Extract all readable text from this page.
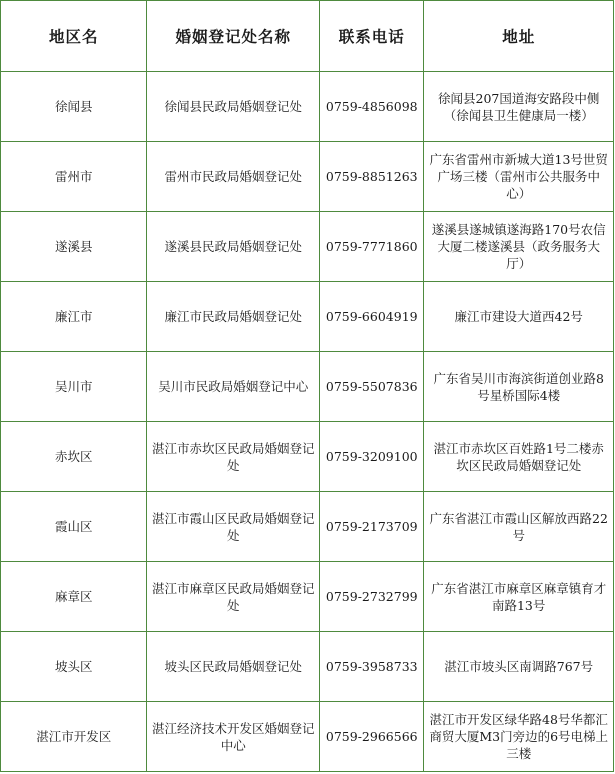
地区名	婚姻登记处名称	联系电话	地址
徐闻县	徐闻县民政局婚姻登记处	0759-4856098	徐闻县207国道海安路段中侧（徐闻县卫生健康局一楼）
雷州市	雷州市民政局婚姻登记处	0759-8851263	广东省雷州市新城大道13号世贸广场三楼（雷州市公共服务中心）
遂溪县	遂溪县民政局婚姻登记处	0759-7771860	遂溪县遂城镇遂海路170号农信大厦二楼遂溪县（政务服务大厅）
廉江市	廉江市民政局婚姻登记处	0759-6604919	廉江市建设大道西42号
吴川市	吴川市民政局婚姻登记中心	0759-5507836	广东省吴川市海滨街道创业路8号星桥国际4楼
赤坎区	湛江市赤坎区民政局婚姻登记处	0759-3209100	湛江市赤坎区百姓路1号二楼赤坎区民政局婚姻登记处
霞山区	湛江市霞山区民政局婚姻登记处	0759-2173709	广东省湛江市霞山区解放西路22号
麻章区	湛江市麻章区民政局婚姻登记处	0759-2732799	广东省湛江市麻章区麻章镇育才南路13号
坡头区	坡头区民政局婚姻登记处	0759-3958733	湛江市坡头区南调路767号
湛江市开发区	湛江经济技术开发区婚姻登记中心	0759-2966566	湛江市开发区绿华路48号华都汇商贸大厦M3门旁边的6号电梯上三楼
